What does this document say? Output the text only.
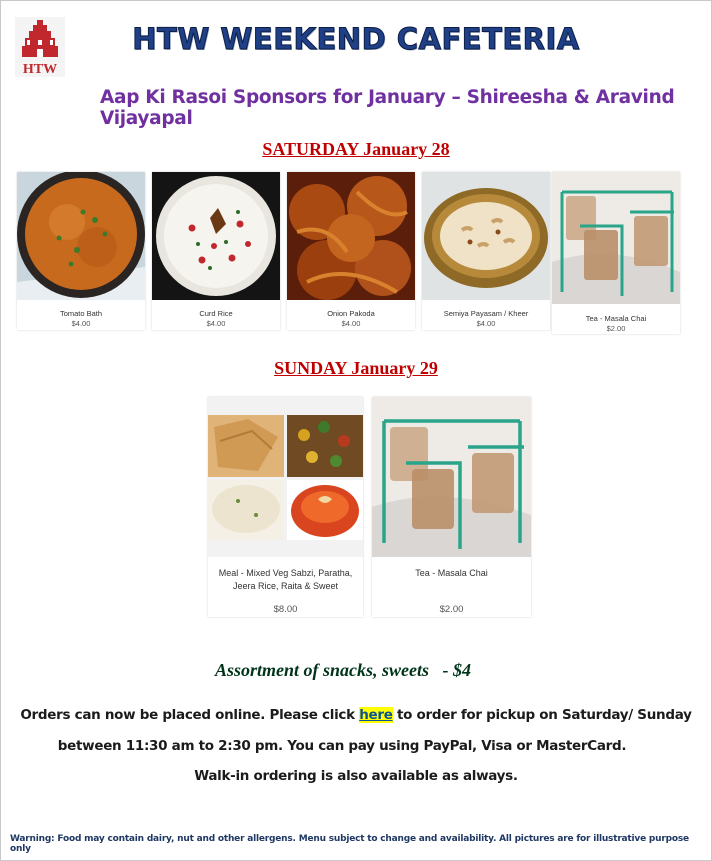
HTW
HTW WEEKEND CAFETERIA
Aap Ki Rasoi Sponsors for January – Shireesha & Aravind Vijayapal
SATURDAY January 28
Tomato Bath
$4.00
Curd Rice
$4.00
Onion Pakoda
$4.00
Semiya Payasam / Kheer
$4.00
Tea - Masala Chai
$2.00
SUNDAY January 29
Meal - Mixed Veg Sabzi, Paratha, Jeera Rice, Raita & Sweet
$8.00
Tea - Masala Chai
$2.00
Assortment of snacks, sweets   - $4
Orders can now be placed online. Please click here to order for pickup on Saturday/ Sunday
between 11:30 am to 2:30 pm. You can pay using PayPal, Visa or MasterCard.
Walk-in ordering is also available as always.
Warning: Food may contain dairy, nut and other allergens. Menu subject to change and availability. All pictures are for illustrative purpose only
